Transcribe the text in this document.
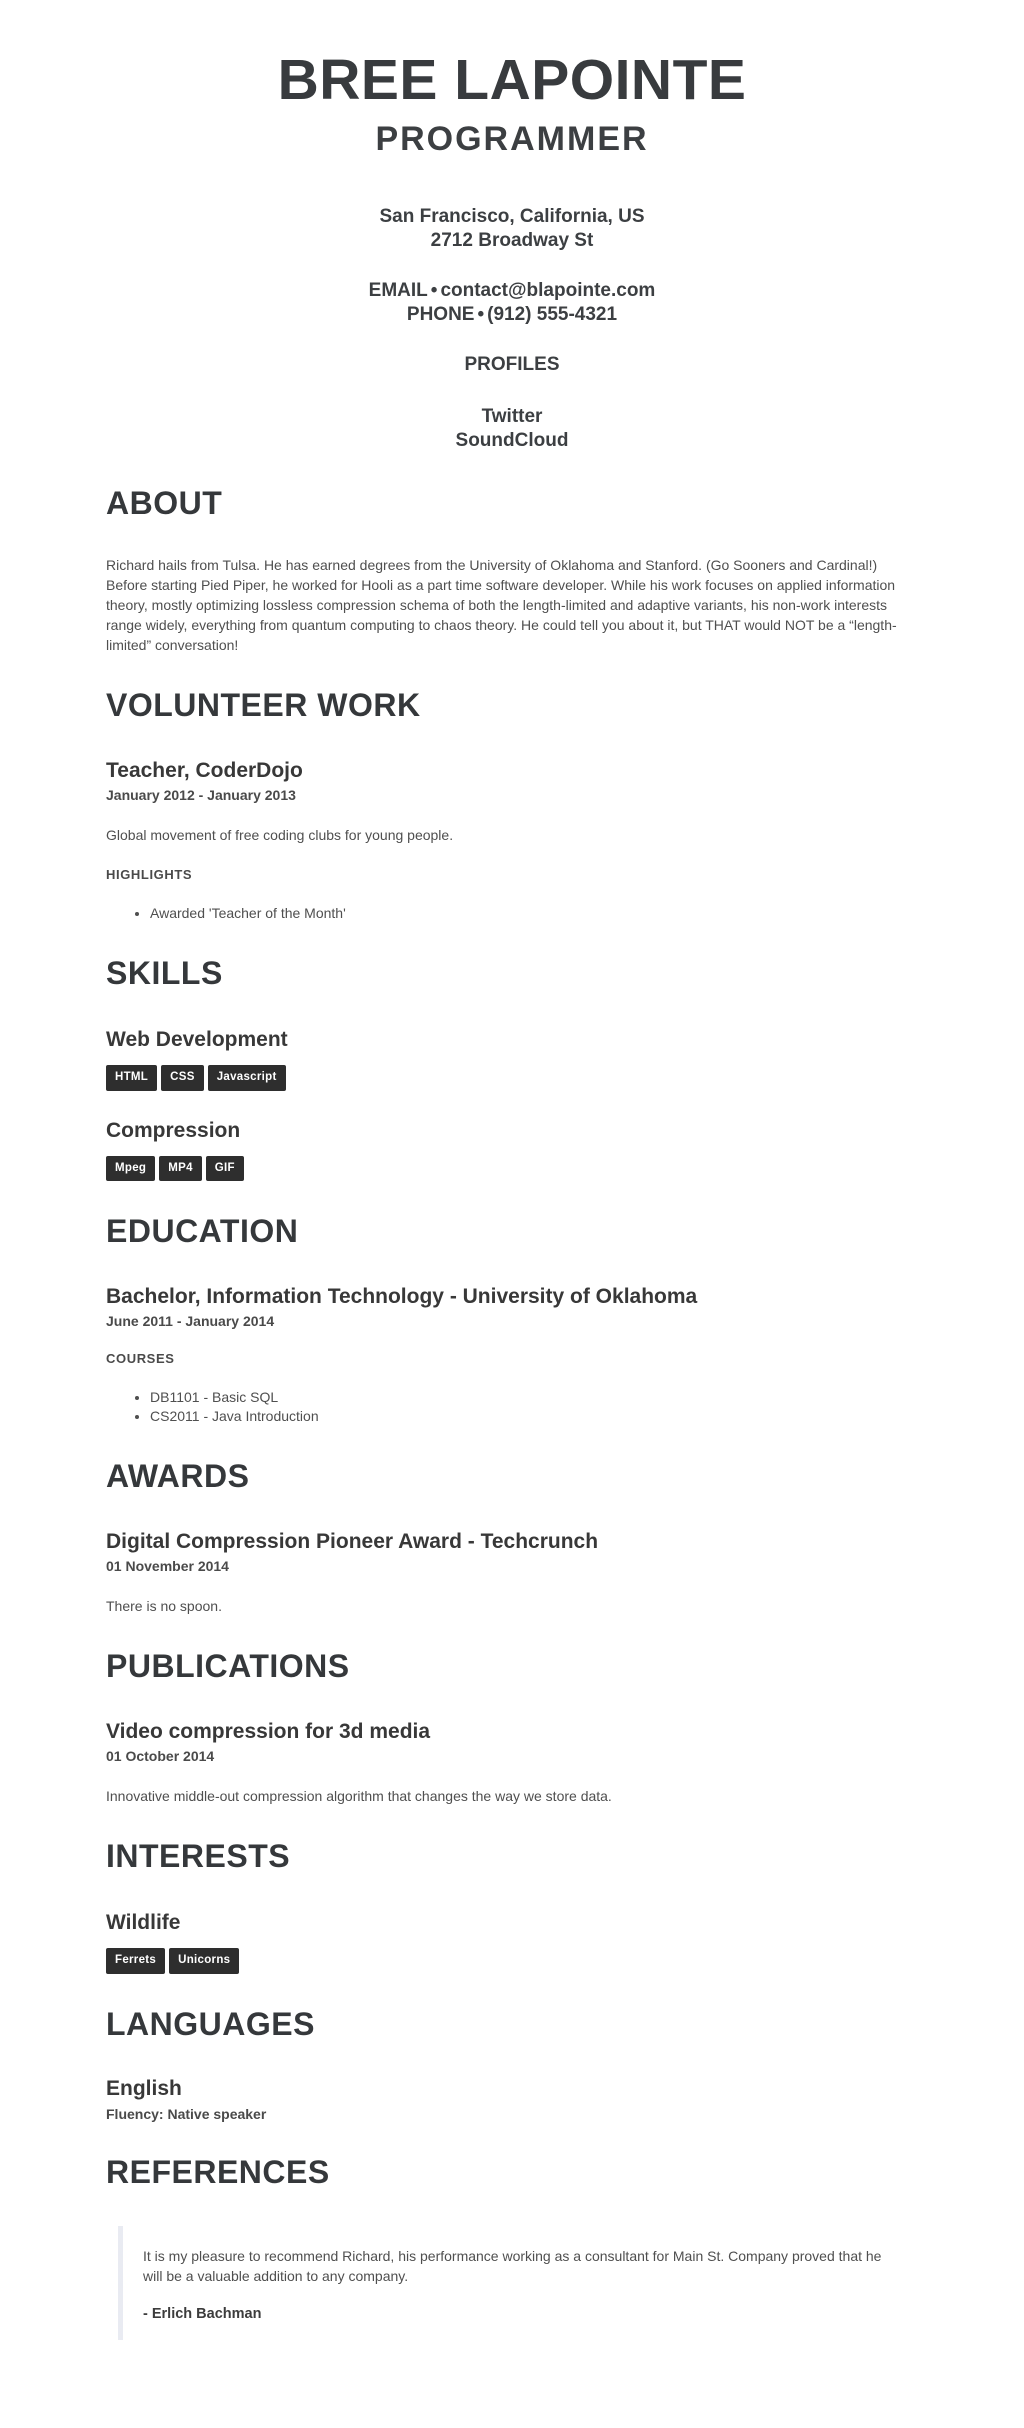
BREE LAPOINTE
PROGRAMMER
San Francisco, California, US
2712 Broadway St
EMAIL • contact@blapointe.com
PHONE • (912) 555-4321
PROFILES
Twitter
SoundCloud
ABOUT

Richard hails from Tulsa. He has earned degrees from the University of Oklahoma and Stanford. (Go Sooners and Cardinal!) Before starting Pied Piper, he worked for Hooli as a part time software developer. While his work focuses on applied information theory, mostly optimizing lossless compression schema of both the length-limited and adaptive variants, his non-work interests range widely, everything from quantum computing to chaos theory. He could tell you about it, but THAT would NOT be a “length-limited” conversation!

VOLUNTEER WORK
Teacher, CoderDojo
January 2012 - January 2013

Global movement of free coding clubs for young people.

HIGHLIGHTS
• Awarded 'Teacher of the Month'
SKILLS
Web Development
HTML	CSS	Javascript
Compression
Mpeg	MP4	GIF
EDUCATION
Bachelor, Information Technology - University of Oklahoma
June 2011 - January 2014
COURSES
• DB1101 - Basic SQL
• CS2011 - Java Introduction
AWARDS
Digital Compression Pioneer Award - Techcrunch
01 November 2014

There is no spoon.

PUBLICATIONS
Video compression for 3d media
01 October 2014

Innovative middle-out compression algorithm that changes the way we store data.

INTERESTS
Wildlife
Ferrets	Unicorns
LANGUAGES
English
Fluency: Native speaker
REFERENCES

It is my pleasure to recommend Richard, his performance working as a consultant for Main St. Company proved that he will be a valuable addition to any company.

- Erlich Bachman
